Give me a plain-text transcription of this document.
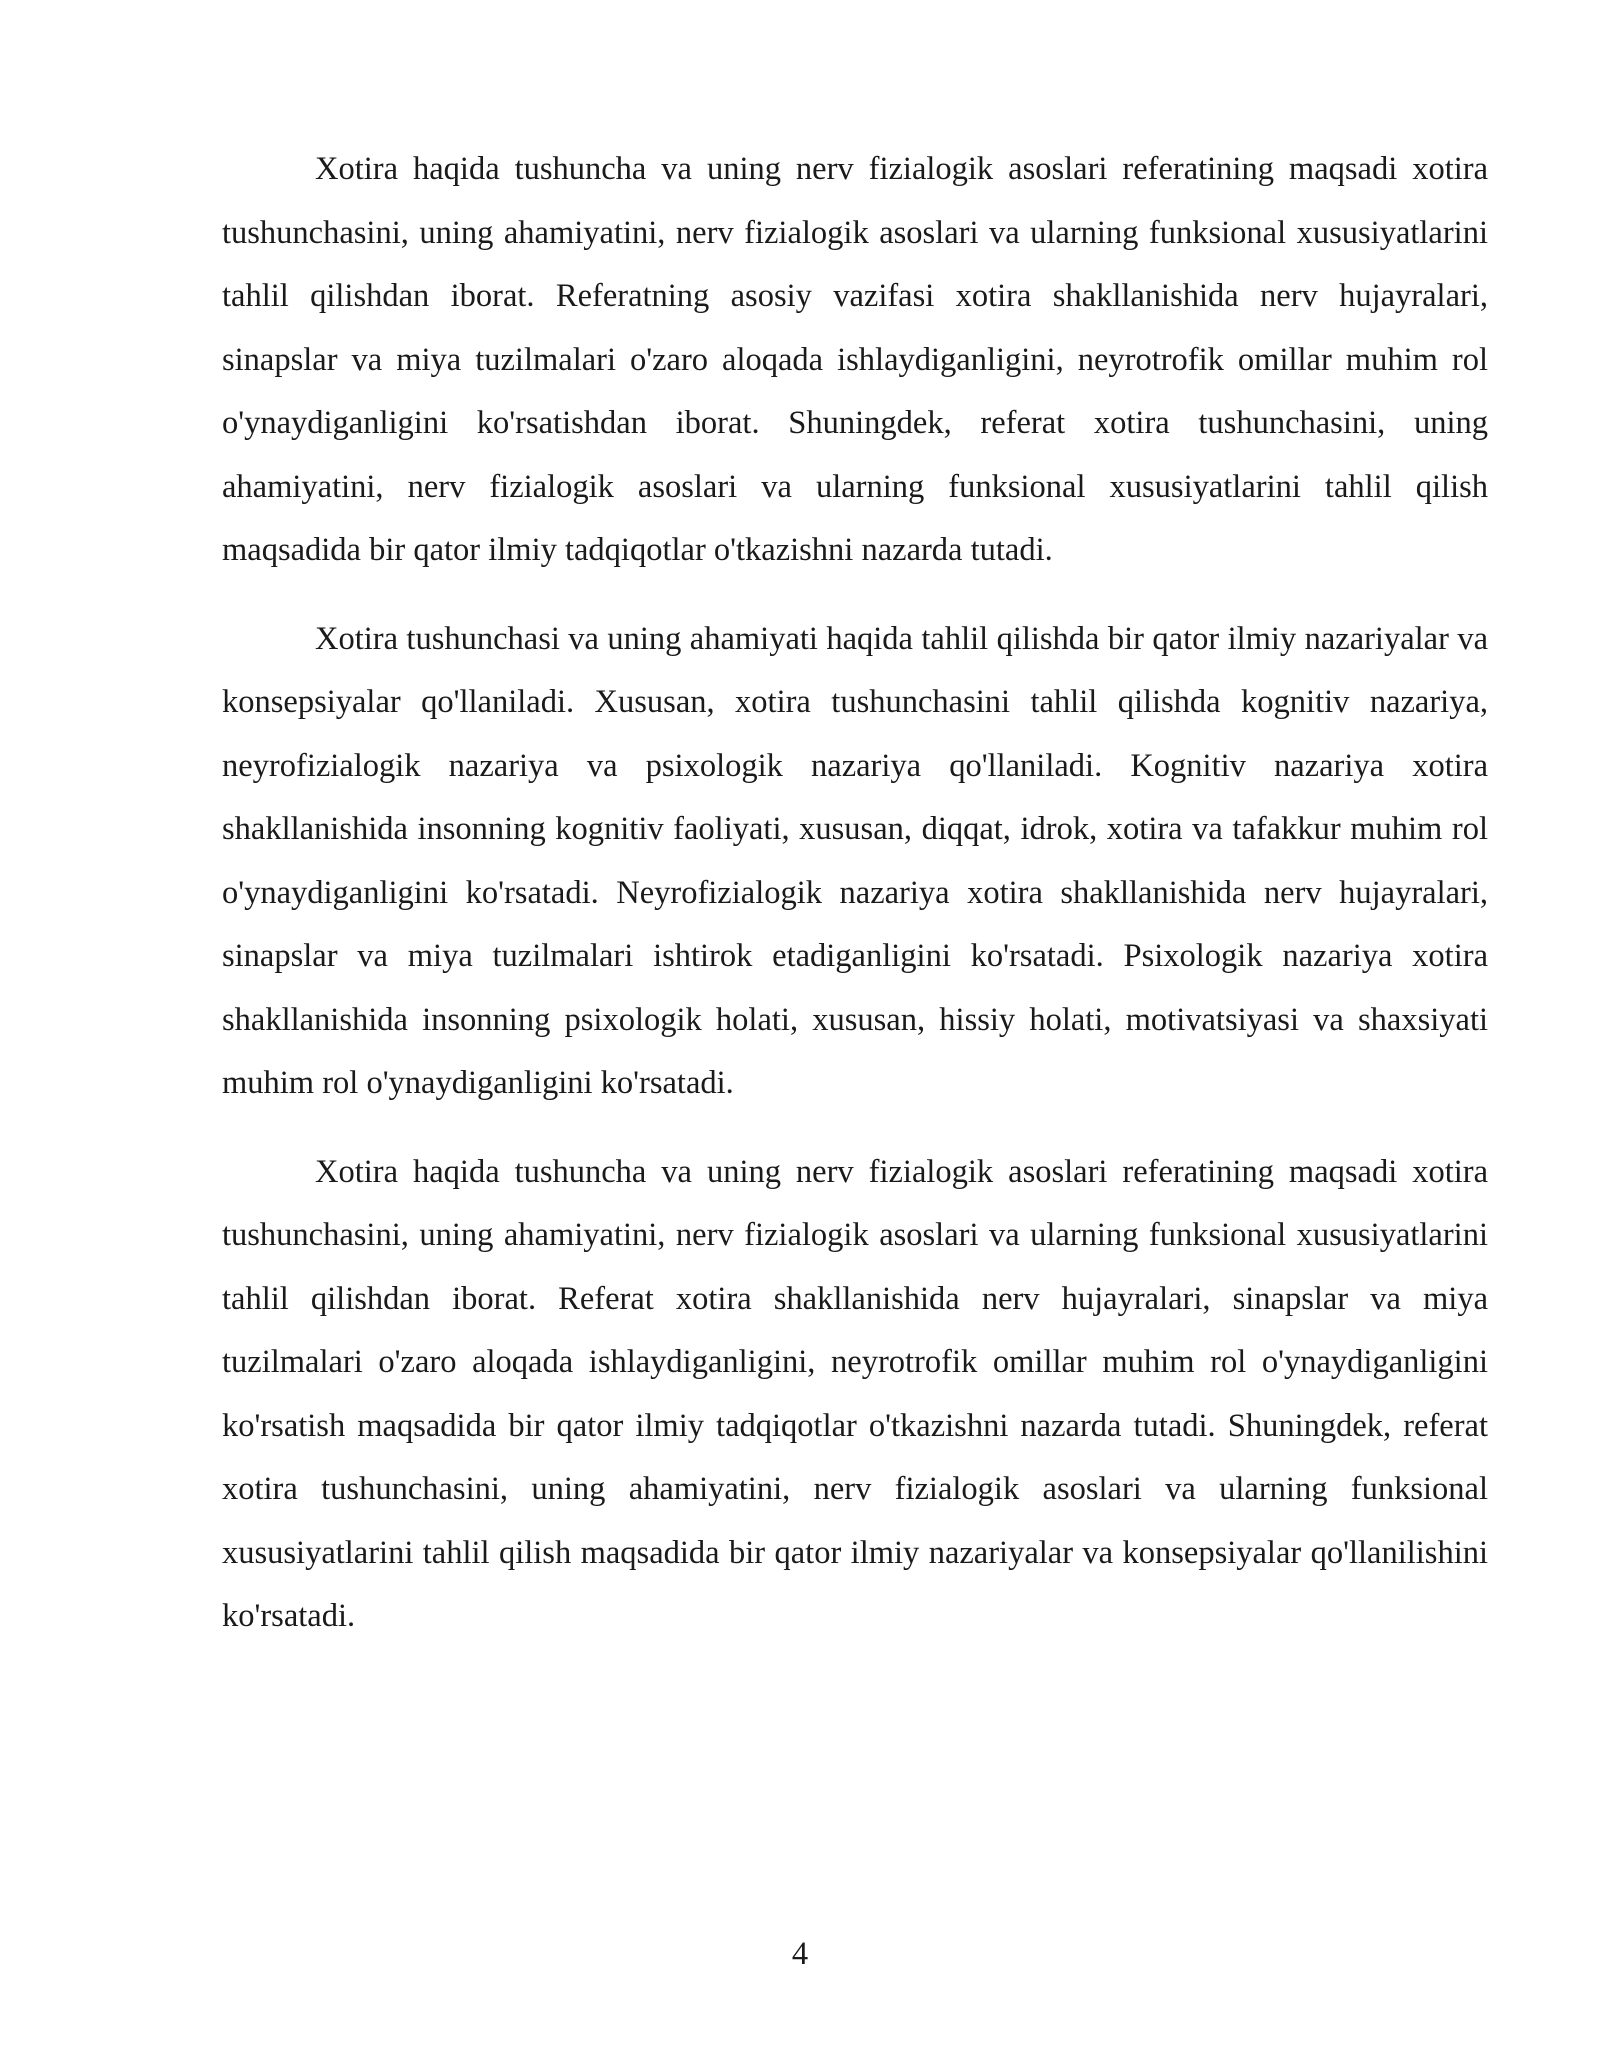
Xotira haqida tushuncha va uning nerv fizialogik asoslari referatining maqsadi xotira tushunchasini, uning ahamiyatini, nerv fizialogik asoslari va ularning funksional xususiyatlarini tahlil qilishdan iborat. Referatning asosiy vazifasi xotira shakllanishida nerv hujayralari, sinapslar va miya tuzilmalari o'zaro aloqada ishlaydiganligini, neyrotrofik omillar muhim rol o'ynaydiganligini ko'rsatishdan iborat. Shuningdek, referat xotira tushunchasini, uning ahamiyatini, nerv fizialogik asoslari va ularning funksional xususiyatlarini tahlil qilish maqsadida bir qator ilmiy tadqiqotlar o'tkazishni nazarda tutadi.

Xotira tushunchasi va uning ahamiyati haqida tahlil qilishda bir qator ilmiy nazariyalar va konsepsiyalar qo'llaniladi. Xususan, xotira tushunchasini tahlil qilishda kognitiv nazariya, neyrofizialogik nazariya va psixologik nazariya qo'llaniladi. Kognitiv nazariya xotira shakllanishida insonning kognitiv faoliyati, xususan, diqqat, idrok, xotira va tafakkur muhim rol o'ynaydiganligini ko'rsatadi. Neyrofizialogik nazariya xotira shakllanishida nerv hujayralari, sinapslar va miya tuzilmalari ishtirok etadiganligini ko'rsatadi. Psixologik nazariya xotira shakllanishida insonning psixologik holati, xususan, hissiy holati, motivatsiyasi va shaxsiyati muhim rol o'ynaydiganligini ko'rsatadi.

Xotira haqida tushuncha va uning nerv fizialogik asoslari referatining maqsadi xotira tushunchasini, uning ahamiyatini, nerv fizialogik asoslari va ularning funksional xususiyatlarini tahlil qilishdan iborat. Referat xotira shakllanishida nerv hujayralari, sinapslar va miya tuzilmalari o'zaro aloqada ishlaydiganligini, neyrotrofik omillar muhim rol o'ynaydiganligini ko'rsatish maqsadida bir qator ilmiy tadqiqotlar o'tkazishni nazarda tutadi. Shuningdek, referat xotira tushunchasini, uning ahamiyatini, nerv fizialogik asoslari va ularning funksional xususiyatlarini tahlil qilish maqsadida bir qator ilmiy nazariyalar va konsepsiyalar qo'llanilishini ko'rsatadi.

4
